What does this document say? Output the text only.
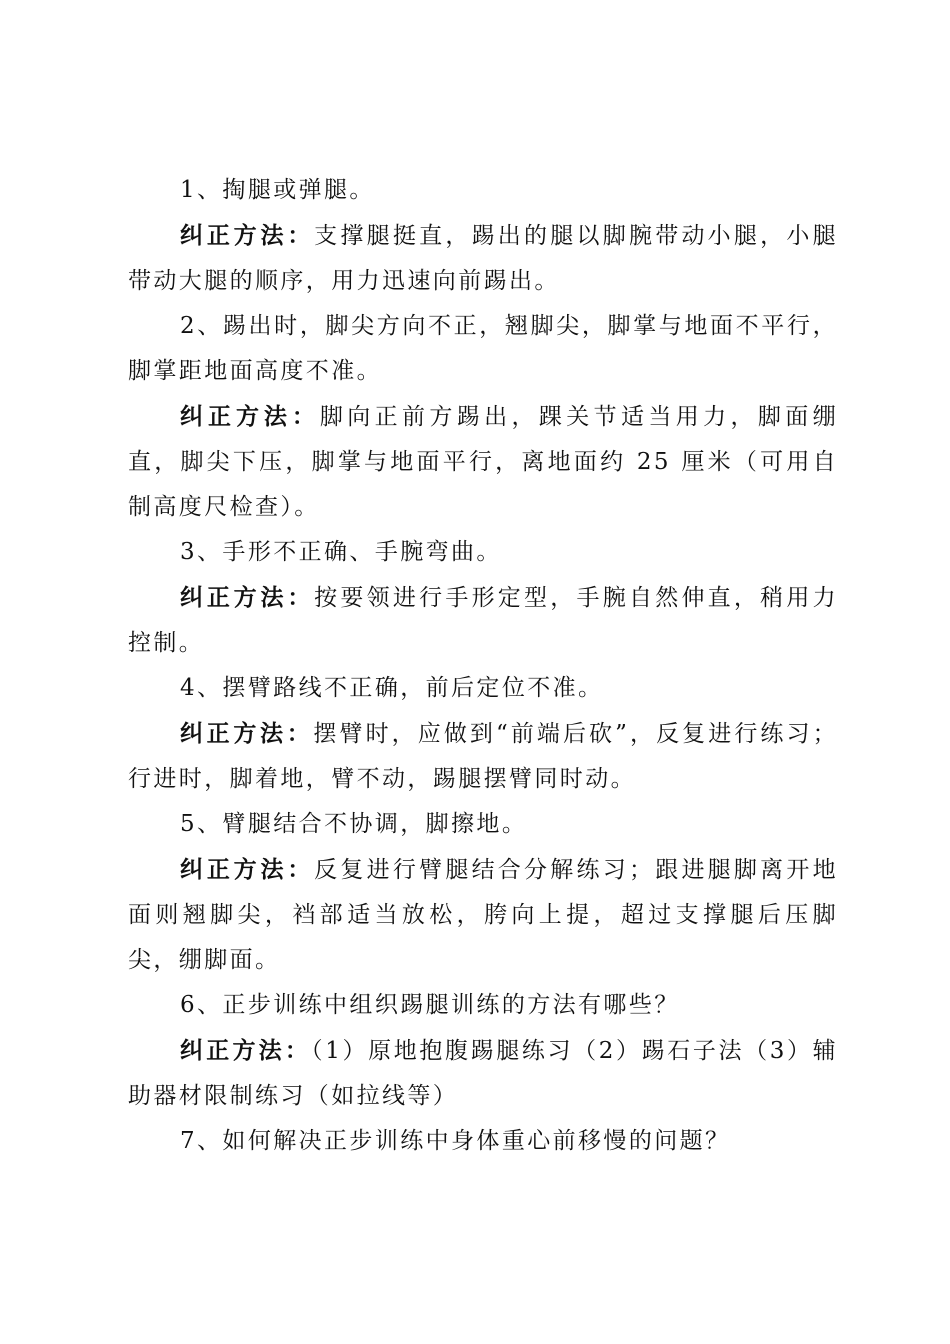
1、掏腿或弹腿。

纠正方法：支撑腿挺直，踢出的腿以脚腕带动小腿，小腿带动大腿的顺序，用力迅速向前踢出。

2、踢出时，脚尖方向不正，翘脚尖，脚掌与地面不平行，脚掌距地面高度不准。

纠正方法：脚向正前方踢出，踝关节适当用力，脚面绷直，脚尖下压，脚掌与地面平行，离地面约 25 厘米（可用自制高度尺检查）。

3、手形不正确、手腕弯曲。

纠正方法：按要领进行手形定型，手腕自然伸直，稍用力控制。

4、摆臂路线不正确，前后定位不准。

纠正方法：摆臂时，应做到“前端后砍”，反复进行练习；行进时，脚着地，臂不动，踢腿摆臂同时动。

5、臂腿结合不协调，脚擦地。

纠正方法：反复进行臂腿结合分解练习；跟进腿脚离开地面则翘脚尖，裆部适当放松，胯向上提，超过支撑腿后压脚尖，绷脚面。

6、正步训练中组织踢腿训练的方法有哪些？

纠正方法：（1）原地抱腹踢腿练习（2）踢石子法（3）辅助器材限制练习（如拉线等）

7、如何解决正步训练中身体重心前移慢的问题？
